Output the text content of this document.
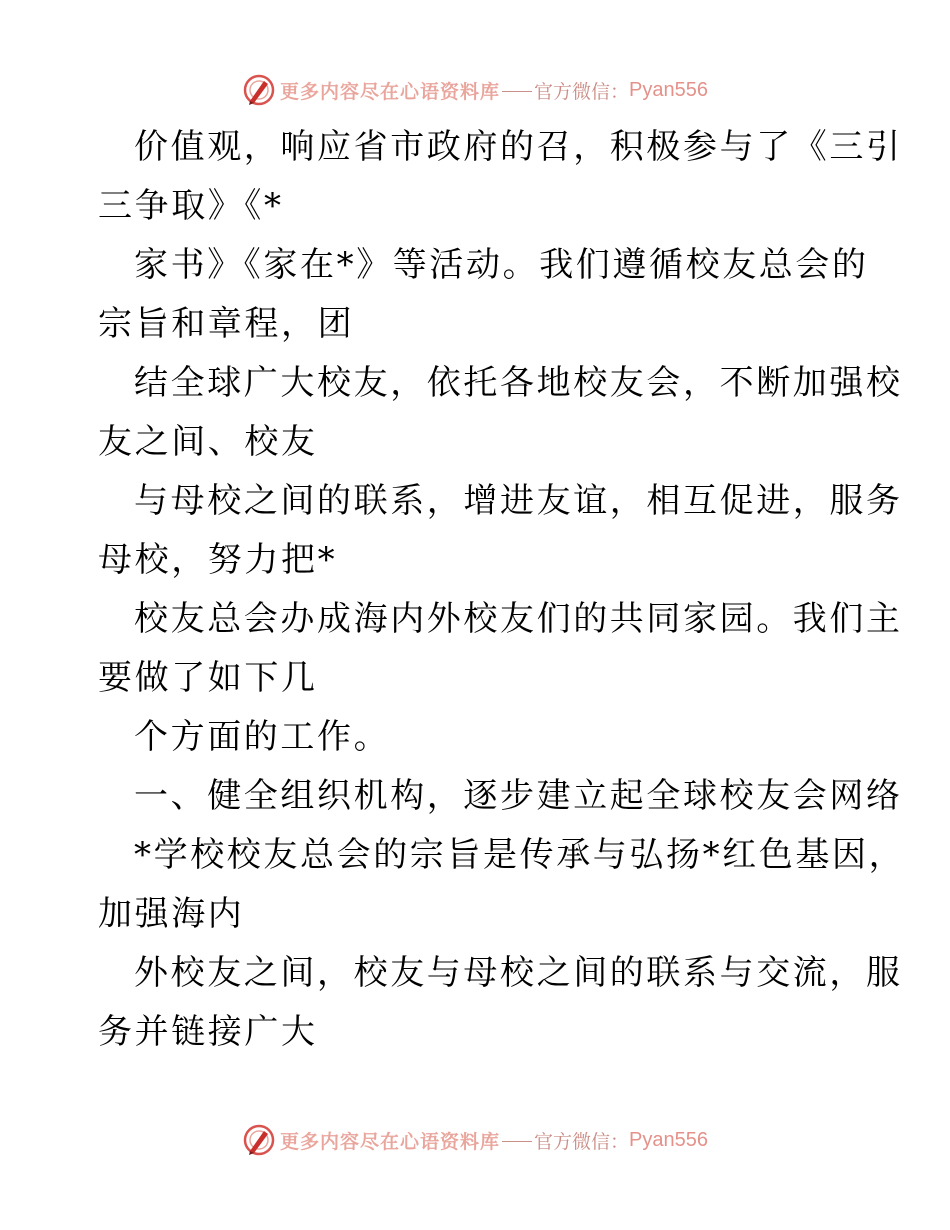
更多内容尽在心语资料库 官方微信： Pyan556
价值观，响应省市政府的召，积极参与了《三引
三争取》《*
家书》《家在*》等活动。我们遵循校友总会的
宗旨和章程，团
结全球广大校友，依托各地校友会，不断加强校
友之间、校友
与母校之间的联系，增进友谊，相互促进，服务
母校，努力把*
校友总会办成海内外校友们的共同家园。我们主
要做了如下几
个方面的工作。
一、健全组织机构，逐步建立起全球校友会网络
*学校校友总会的宗旨是传承与弘扬*红色基因，
加强海内
外校友之间，校友与母校之间的联系与交流，服
务并链接广大
更多内容尽在心语资料库 官方微信： Pyan556
